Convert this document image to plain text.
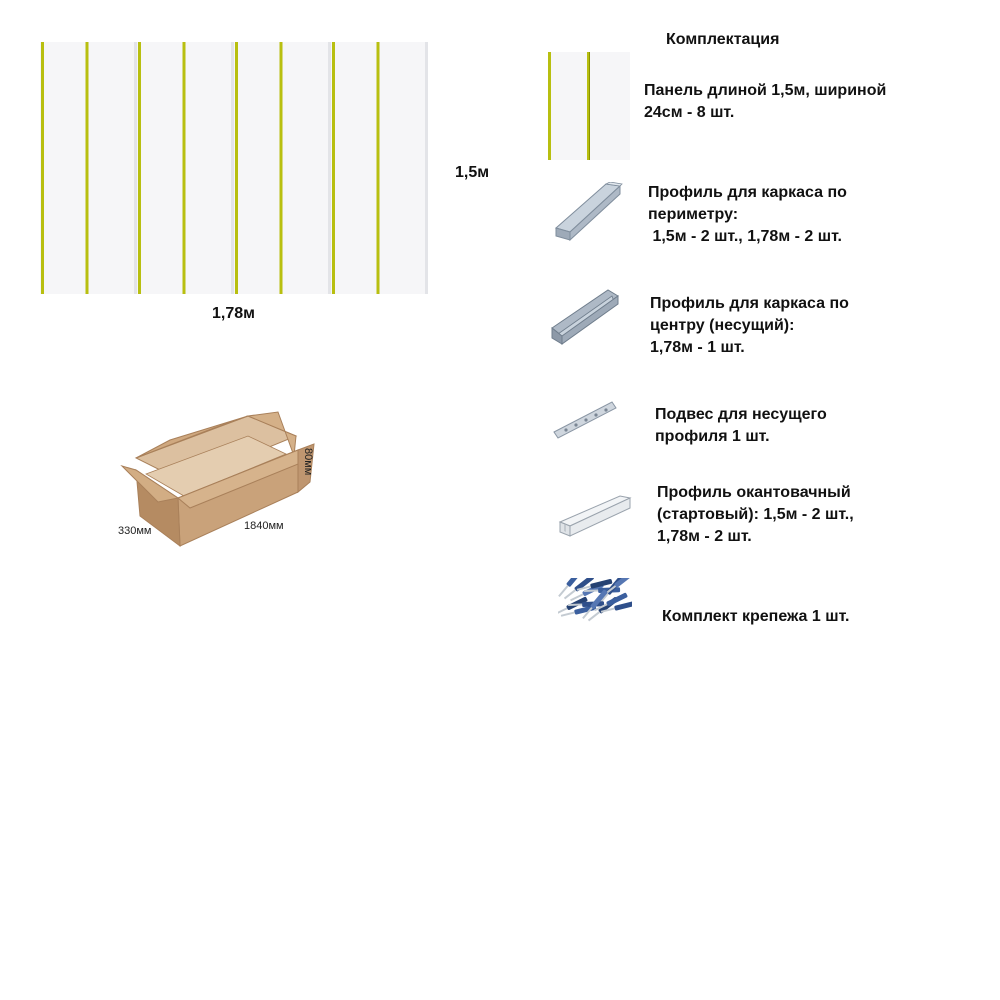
1,5м
1,78м
80мм
330мм	1840мм
Комплектация
Панель длиной 1,5м, шириной
24см - 8 шт.
Профиль для каркаса по
периметру:
1,5м - 2 шт., 1,78м - 2 шт.
Профиль для каркаса по
центру (несущий):
1,78м - 1 шт.
Подвес для несущего
профиля 1 шт.
Профиль окантовачный
(стартовый): 1,5м - 2 шт.,
1,78м - 2 шт.
Комплект крепежа 1 шт.
